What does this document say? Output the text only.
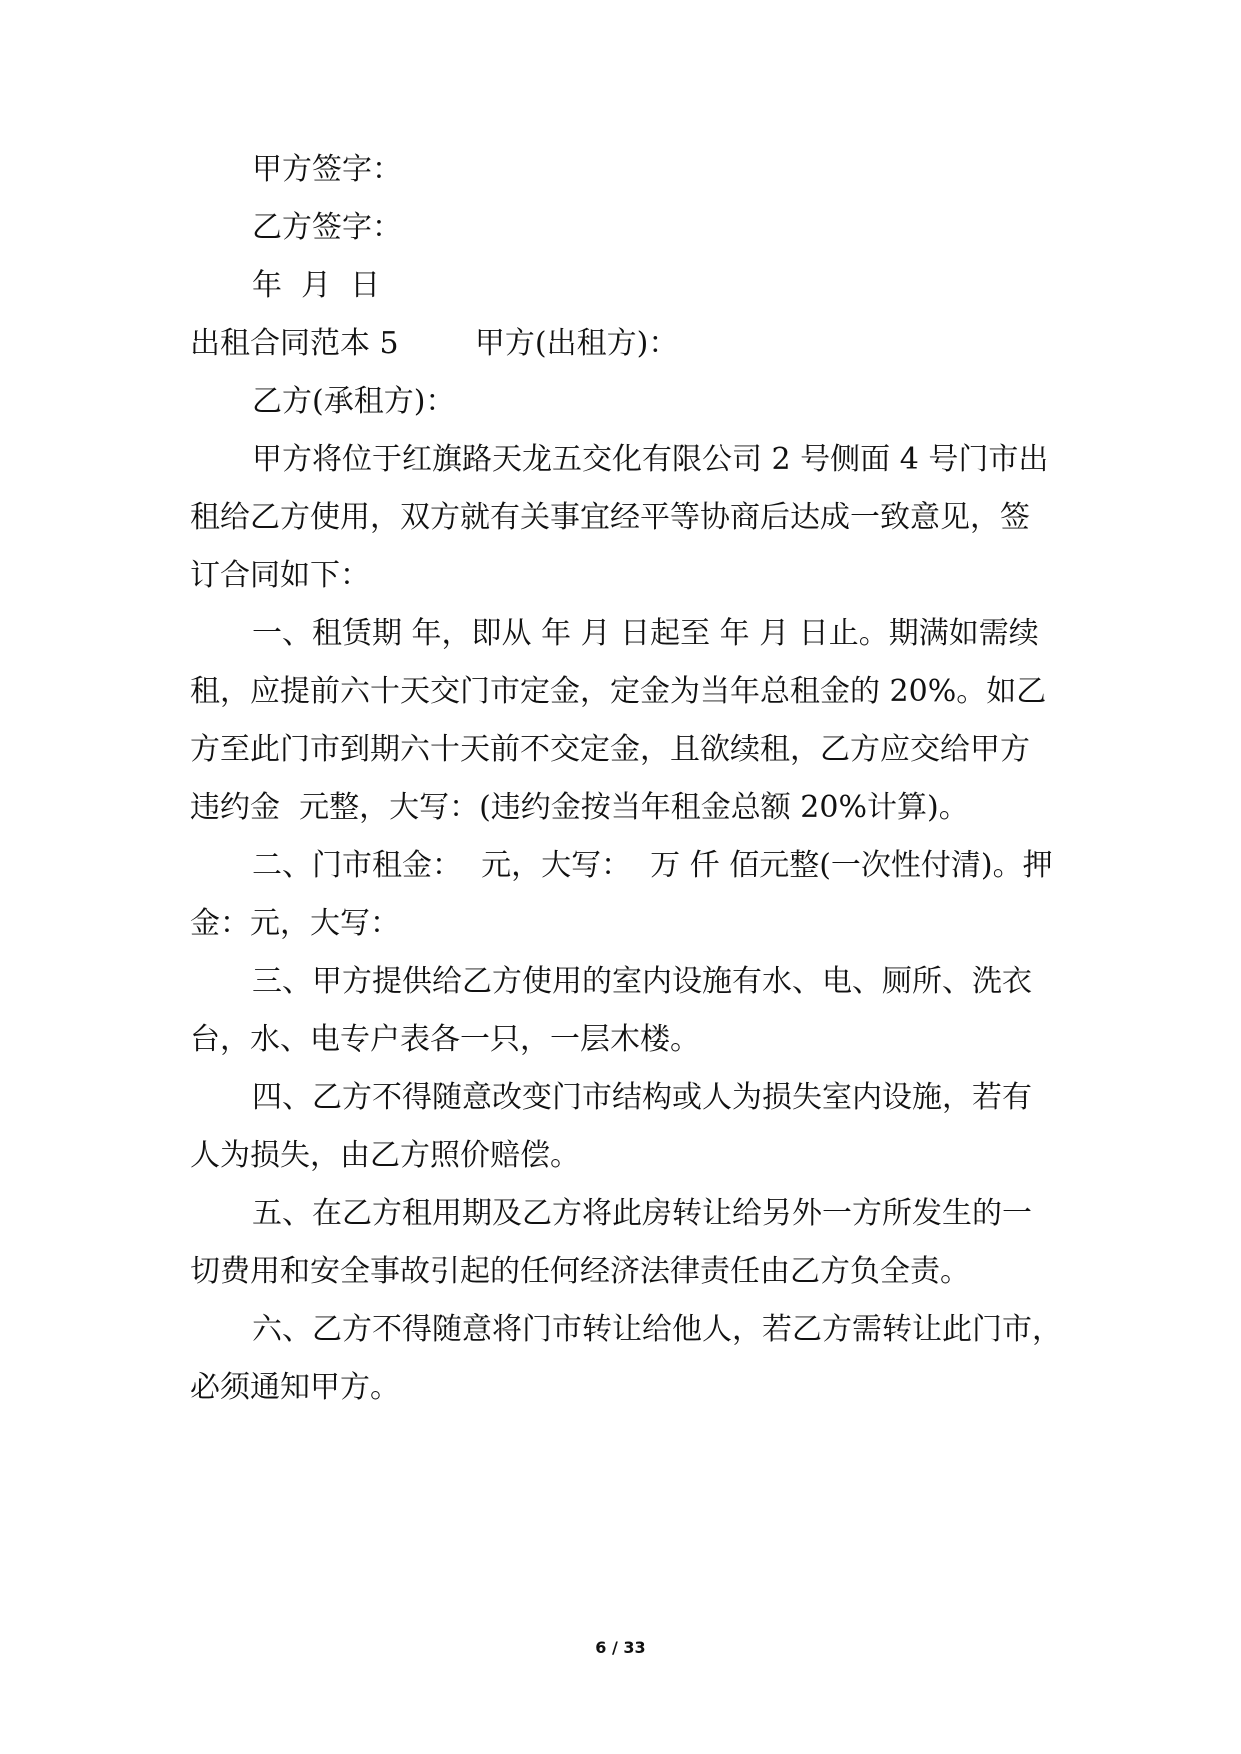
甲方签字：

乙方签字：

年  月  日

出租合同范本 5        甲方(出租方)：

乙方(承租方)：

甲方将位于红旗路天龙五交化有限公司 2 号侧面 4 号门市出

租给乙方使用，双方就有关事宜经平等协商后达成一致意见，签

订合同如下：

一、租赁期 年，即从 年 月 日起至 年 月 日止。期满如需续

租，应提前六十天交门市定金，定金为当年总租金的 20%。如乙

方至此门市到期六十天前不交定金，且欲续租，乙方应交给甲方

违约金  元整，大写：(违约金按当年租金总额 20%计算)。

二、门市租金：  元，大写：  万 仟 佰元整(一次性付清)。押

金：元，大写：

三、甲方提供给乙方使用的室内设施有水、电、厕所、洗衣

台，水、电专户表各一只，一层木楼。

四、乙方不得随意改变门市结构或人为损失室内设施，若有

人为损失，由乙方照价赔偿。

五、在乙方租用期及乙方将此房转让给另外一方所发生的一

切费用和安全事故引起的任何经济法律责任由乙方负全责。

六、乙方不得随意将门市转让给他人，若乙方需转让此门市，

必须通知甲方。

6 / 33
